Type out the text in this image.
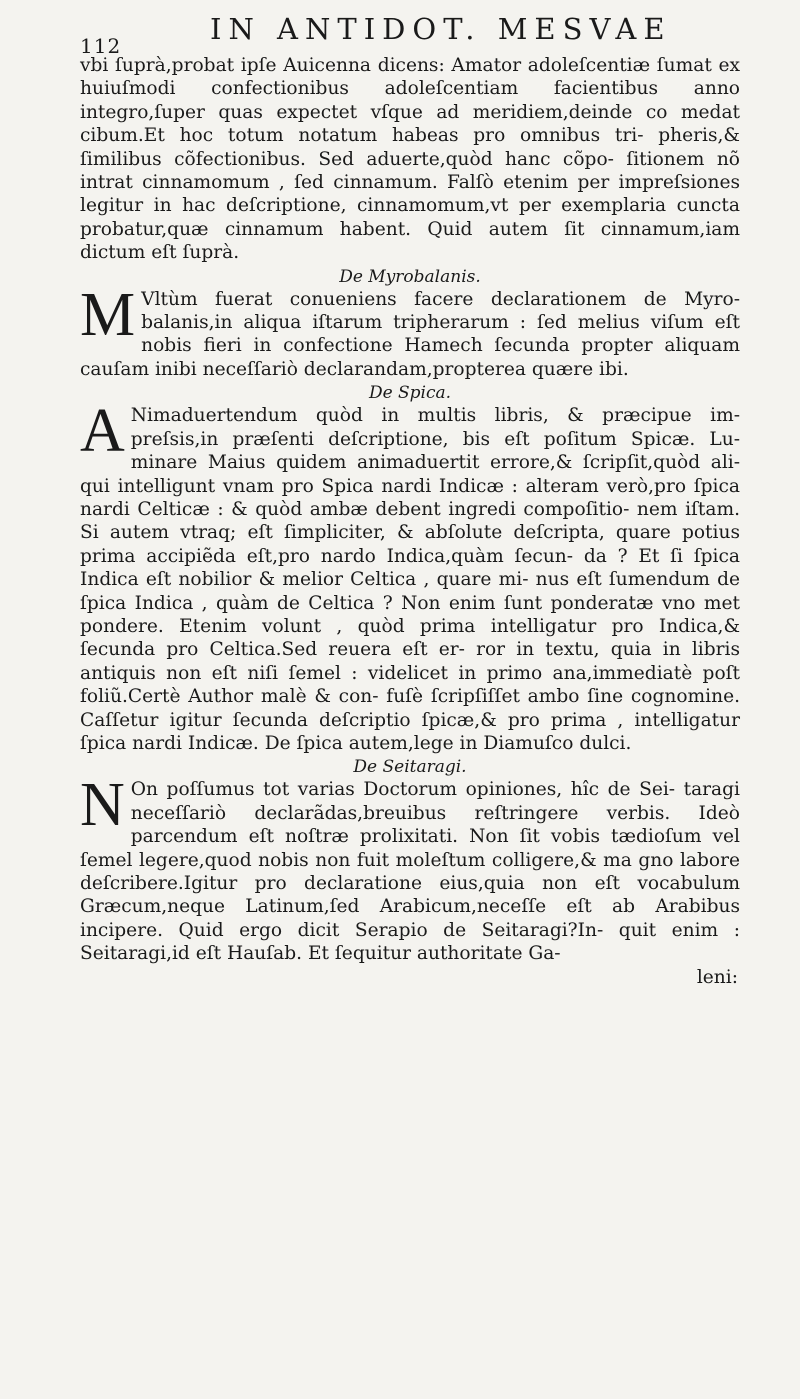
112	IN ANTIDOT. MESVAE

vbi ſuprà,probat ipſe Auicenna dicens: Amator adoleſcentiæ ſumat ex huiuſmodi confectionibus adoleſcentiam facientibus anno integro,ſuper quas expectet vſque ad meridiem,deinde co medat cibum.Et hoc totum notatum habeas pro omnibus tri- pheris,& ſimilibus cõfectionibus. Sed aduerte,quòd hanc cõpo- ſitionem nõ intrat cinnamomum , ſed cinnamum. Falſò etenim per impreſsiones legitur in hac deſcriptione, cinnamomum,vt per exemplaria cuncta probatur,quæ cinnamum habent. Quid autem ſit cinnamum,iam dictum eſt ſuprà.

De Myrobalanis.

M Vltùm fuerat conueniens facere declarationem de Myro- balanis,in aliqua iſtarum tripherarum : ſed melius viſum eſt nobis fieri in confectione Hamech ſecunda propter aliquam cauſam inibi neceſſariò declarandam,propterea quære ibi.

De Spica.

A Nimaduertendum quòd in multis libris, & præcipue im- preſsis,in præſenti deſcriptione, bis eſt poſitum Spicæ. Lu- minare Maius quidem animaduertit errore,& ſcripſit,quòd ali- qui intelligunt vnam pro Spica nardi Indicæ : alteram verò,pro ſpica nardi Celticæ : & quòd ambæ debent ingredi compoſitio- nem iſtam. Si autem vtraq; eſt ſimpliciter, & abſolute deſcripta, quare potius prima accipiẽda eſt,pro nardo Indica,quàm ſecun- da ? Et ſi ſpica Indica eſt nobilior & melior Celtica , quare mi- nus eſt ſumendum de ſpica Indica , quàm de Celtica ? Non enim ſunt ponderatæ vno met pondere. Etenim volunt , quòd prima intelligatur pro Indica,& ſecunda pro Celtica.Sed reuera eſt er- ror in textu, quia in libris antiquis non eſt niſi ſemel : videlicet in primo ana,immediatè poſt foliũ.Certè Author malè & con- fuſè ſcripſiſſet ambo ſine cognomine. Caſſetur igitur ſecunda deſcriptio ſpicæ,& pro prima , intelligatur ſpica nardi Indicæ. De ſpica autem,lege in Diamuſco dulci.

De Seitaragi.

N On poſſumus tot varias Doctorum opiniones, hîc de Sei- taragi neceſſariò declarãdas,breuibus reſtringere verbis. Ideò parcendum eſt noſtræ prolixitati. Non ſit vobis tædioſum vel ſemel legere,quod nobis non fuit moleſtum colligere,& ma gno labore deſcribere.Igitur pro declaratione eius,quia non eſt vocabulum Græcum,neque Latinum,ſed Arabicum,neceſſe eſt ab Arabibus incipere. Quid ergo dicit Serapio de Seitaragi?In- quit enim : Seitaragi,id eſt Hauſab. Et ſequitur authoritate Ga-

leni:
